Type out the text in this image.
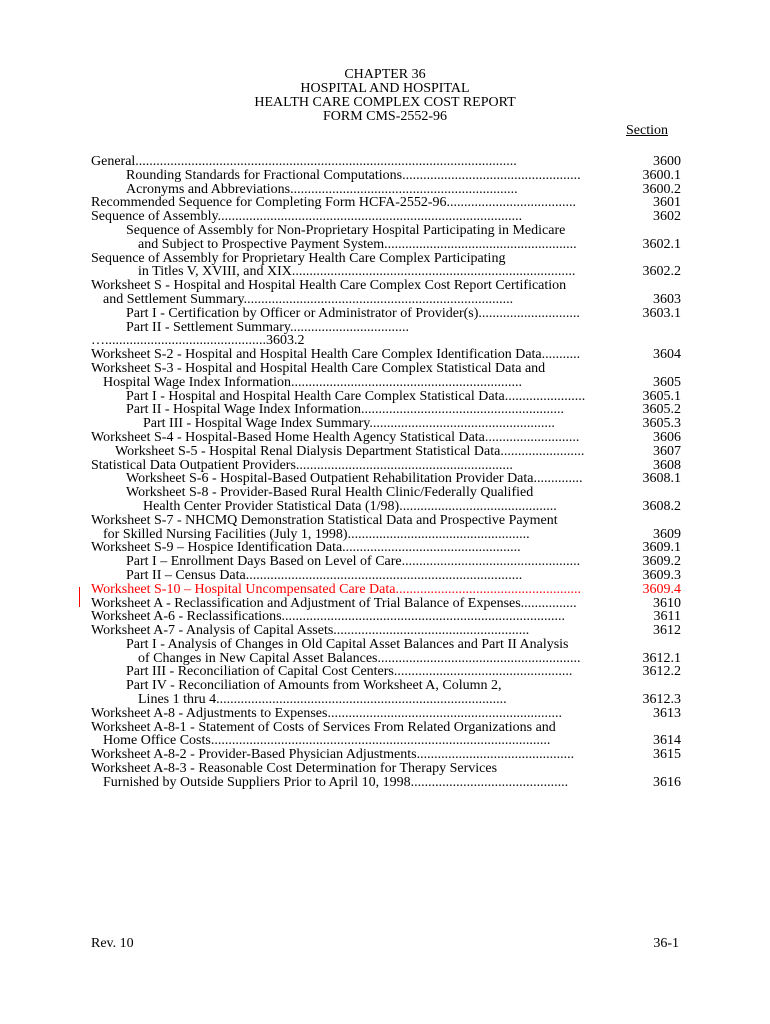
CHAPTER 36
HOSPITAL AND HOSPITAL
HEALTH CARE COMPLEX COST REPORT
FORM CMS-2552-96
Section
General.............................................................................................................	3600
Rounding Standards for Fractional Computations...................................................	3600.1
Acronyms and Abbreviations.................................................................	3600.2
Recommended Sequence for Completing Form HCFA-2552-96.....................................	3601
Sequence of Assembly.......................................................................................	3602
Sequence of Assembly for Non-Proprietary Hospital Participating in Medicare
and Subject to Prospective Payment System.......................................................	3602.1
Sequence of Assembly for Proprietary Health Care Complex Participating
in Titles V, XVIII, and XIX.................................................................................	3602.2
Worksheet S - Hospital and Hospital Health Care Complex Cost Report Certification
and Settlement Summary.............................................................................	3603
Part I - Certification by Officer or Administrator of Provider(s).............................	3603.1
Part II - Settlement Summary..................................
…..............................................3603.2
Worksheet S-2 - Hospital and Hospital Health Care Complex Identification Data...........	3604
Worksheet S-3 - Hospital and Hospital Health Care Complex Statistical Data and
Hospital Wage Index Information..................................................................	3605
Part I - Hospital and Hospital Health Care Complex Statistical Data.......................	3605.1
Part II - Hospital Wage Index Information..........................................................	3605.2
Part III - Hospital Wage Index Summary.....................................................	3605.3
Worksheet S-4 - Hospital-Based Home Health Agency Statistical Data...........................	3606
Worksheet S-5 - Hospital Renal Dialysis Department Statistical Data........................	3607
Statistical Data Outpatient Providers..............................................................	3608
Worksheet S-6 - Hospital-Based Outpatient Rehabilitation Provider Data..............	3608.1
Worksheet S-8 - Provider-Based Rural Health Clinic/Federally Qualified
Health Center Provider Statistical Data (1/98).............................................	3608.2
Worksheet S-7 - NHCMQ Demonstration Statistical Data and Prospective Payment
for Skilled Nursing Facilities (July 1, 1998)....................................................	3609
Worksheet S-9 – Hospice Identification Data...................................................	3609.1
Part I – Enrollment Days Based on Level of Care...................................................	3609.2
Part II – Census Data...............................................................................	3609.3
Worksheet S-10 – Hospital Uncompensated Care Data.....................................................	3609.4
Worksheet A - Reclassification and Adjustment of Trial Balance of Expenses................	3610
Worksheet A-6 - Reclassifications.................................................................................	3611
Worksheet A-7 - Analysis of Capital Assets........................................................	3612
Part I - Analysis of Changes in Old Capital Asset Balances and Part II Analysis
of Changes in New Capital Asset Balances..........................................................	3612.1
Part III - Reconciliation of Capital Cost Centers...................................................	3612.2
Part IV - Reconciliation of Amounts from Worksheet A, Column 2,
Lines 1 thru 4...................................................................................	3612.3
Worksheet A-8 - Adjustments to Expenses...................................................................	3613
Worksheet A-8-1 - Statement of Costs of Services From Related Organizations and
Home Office Costs.................................................................................................	3614
Worksheet A-8-2 - Provider-Based Physician Adjustments.............................................	3615
Worksheet A-8-3 - Reasonable Cost Determination for Therapy Services
Furnished by Outside Suppliers Prior to April 10, 1998.............................................	3616
Rev. 10	36-1
